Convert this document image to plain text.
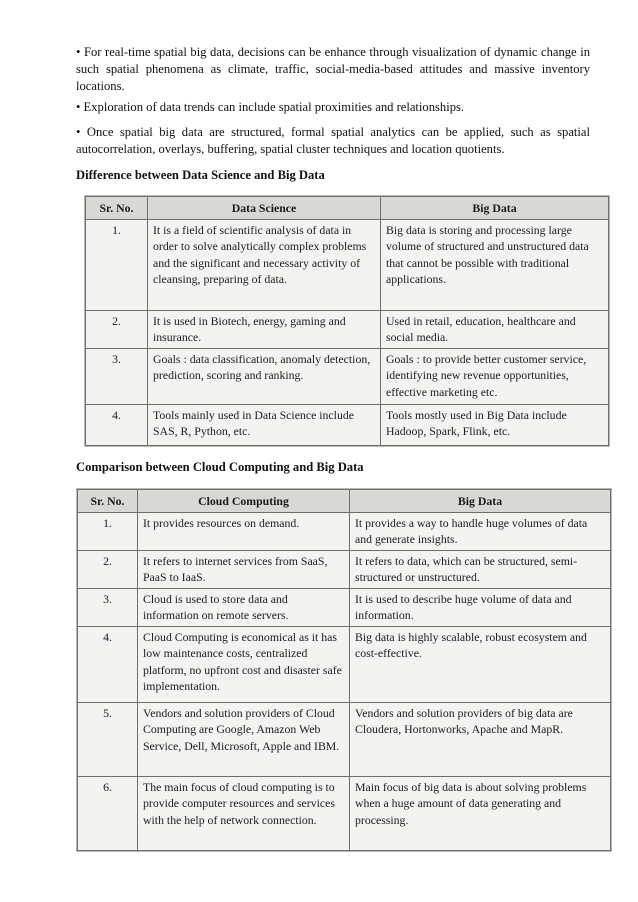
• For real-time spatial big data, decisions can be enhance through visualization of dynamic change in such spatial phenomena as climate, traffic, social-media-based attitudes and massive inventory locations.

• Exploration of data trends can include spatial proximities and relationships.

• Once spatial big data are structured, formal spatial analytics can be applied, such as spatial autocorrelation, overlays, buffering, spatial cluster techniques and location quotients.

Difference between Data Science and Big Data

Sr. No.	Data Science	Big Data
1.	It is a field of scientific analysis of data in order to solve analytically complex problems and the significant and necessary activity of cleansing, preparing of data.	Big data is storing and processing large volume of structured and unstructured data that cannot be possible with traditional applications.
2.	It is used in Biotech, energy, gaming and insurance.	Used in retail, education, healthcare and social media.
3.	Goals : data classification, anomaly detection, prediction, scoring and ranking.	Goals : to provide better customer service, identifying new revenue opportunities, effective marketing etc.
4.	Tools mainly used in Data Science include SAS, R, Python, etc.	Tools mostly used in Big Data include Hadoop, Spark, Flink, etc.

Comparison between Cloud Computing and Big Data

Sr. No.	Cloud Computing	Big Data
1.	It provides resources on demand.	It provides a way to handle huge volumes of data and generate insights.
2.	It refers to internet services from SaaS, PaaS to IaaS.	It refers to data, which can be structured, semi-structured or unstructured.
3.	Cloud is used to store data and information on remote servers.	It is used to describe huge volume of data and information.
4.	Cloud Computing is economical as it has low maintenance costs, centralized platform, no upfront cost and disaster safe implementation.	Big data is highly scalable, robust ecosystem and cost-effective.
5.	Vendors and solution providers of Cloud Computing are Google, Amazon Web Service, Dell, Microsoft, Apple and IBM.	Vendors and solution providers of big data are Cloudera, Hortonworks, Apache and MapR.
6.	The main focus of cloud computing is to provide computer resources and services with the help of network connection.	Main focus of big data is about solving problems when a huge amount of data generating and processing.
